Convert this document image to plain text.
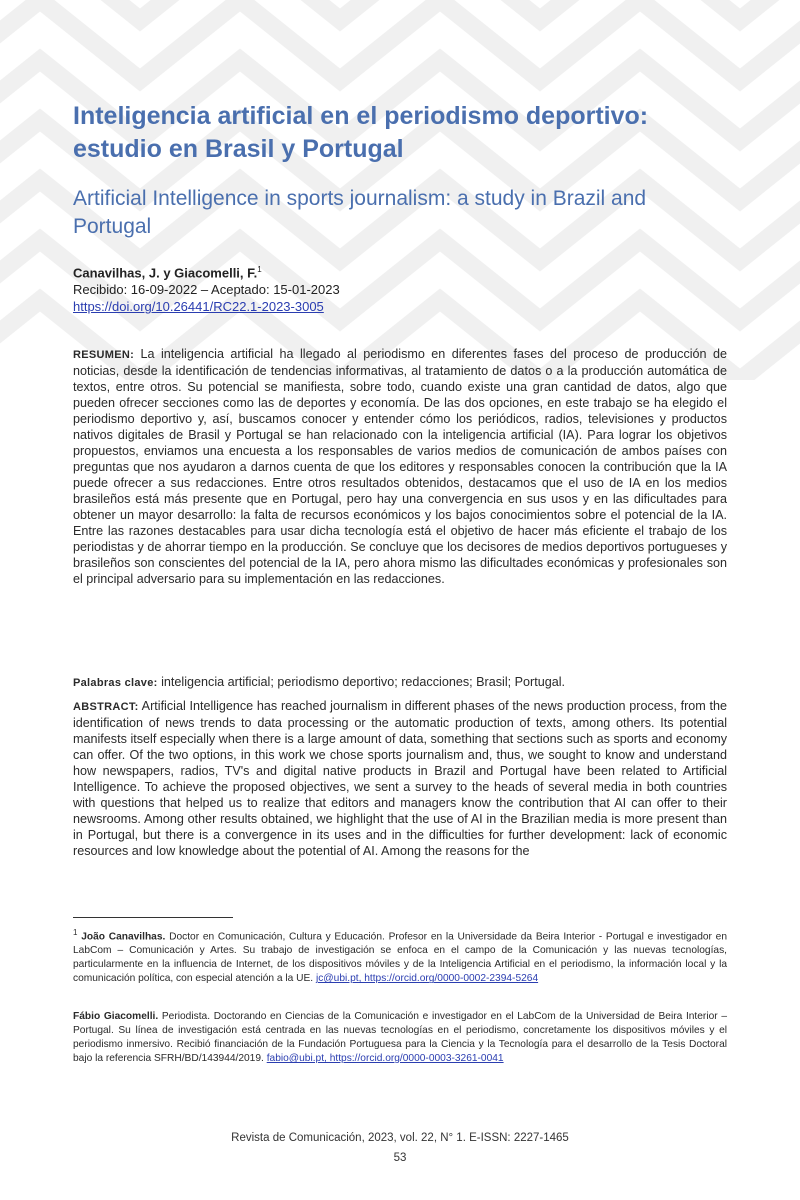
Inteligencia artificial en el periodismo deportivo: estudio en Brasil y Portugal
Artificial Intelligence in sports journalism: a study in Brazil and Portugal
Canavilhas, J. y Giacomelli, F.$^1$
Recibido: 16-09-2022 – Aceptado: 15-01-2023
https://doi.org/10.26441/RC22.1-2023-3005

RESUMEN: La inteligencia artificial ha llegado al periodismo en diferentes fases del proceso de producción de noticias, desde la identificación de tendencias informativas, al tratamiento de datos o a la producción automática de textos, entre otros. Su potencial se manifiesta, sobre todo, cuando existe una gran cantidad de datos, algo que pueden ofrecer secciones como las de deportes y economía. De las dos opciones, en este trabajo se ha elegido el periodismo deportivo y, así, buscamos conocer y entender cómo los periódicos, radios, televisiones y productos nativos digitales de Brasil y Portugal se han relacionado con la inteligencia artificial (IA). Para lograr los objetivos propuestos, enviamos una encuesta a los responsables de varios medios de comunicación de ambos países con preguntas que nos ayudaron a darnos cuenta de que los editores y responsables conocen la contribución que la IA puede ofrecer a sus redacciones. Entre otros resultados obtenidos, destacamos que el uso de IA en los medios brasileños está más presente que en Portugal, pero hay una convergencia en sus usos y en las dificultades para obtener un mayor desarrollo: la falta de recursos económicos y los bajos conocimientos sobre el potencial de la IA. Entre las razones destacables para usar dicha tecnología está el objetivo de hacer más eficiente el trabajo de los periodistas y de ahorrar tiempo en la producción. Se concluye que los decisores de medios deportivos portugueses y brasileños son conscientes del potencial de la IA, pero ahora mismo las dificultades económicas y profesionales son el principal adversario para su implementación en las redacciones.

Palabras clave: inteligencia artificial; periodismo deportivo; redacciones; Brasil; Portugal.

ABSTRACT: Artificial Intelligence has reached journalism in different phases of the news production process, from the identification of news trends to data processing or the automatic production of texts, among others. Its potential manifests itself especially when there is a large amount of data, something that sections such as sports and economy can offer. Of the two options, in this work we chose sports journalism and, thus, we sought to know and understand how newspapers, radios, TV's and digital native products in Brazil and Portugal have been related to Artificial Intelligence. To achieve the proposed objectives, we sent a survey to the heads of several media in both countries with questions that helped us to realize that editors and managers know the contribution that AI can offer to their newsrooms. Among other results obtained, we highlight that the use of AI in the Brazilian media is more present than in Portugal, but there is a convergence in its uses and in the difficulties for further development: lack of economic resources and low knowledge about the potential of AI. Among the reasons for the

$^1$ João Canavilhas. Doctor en Comunicación, Cultura y Educación. Profesor en la Universidade da Beira Interior - Portugal e investigador en LabCom – Comunicación y Artes. Su trabajo de investigación se enfoca en el campo de la Comunicación y las nuevas tecnologías, particularmente en la influencia de Internet, de los dispositivos móviles y de la Inteligencia Artificial en el periodismo, la información local y la comunicación política, con especial atención a la UE. jc@ubi.pt, https://orcid.org/0000-0002-2394-5264

Fábio Giacomelli. Periodista. Doctorando en Ciencias de la Comunicación e investigador en el LabCom de la Universidad de Beira Interior – Portugal. Su línea de investigación está centrada en las nuevas tecnologías en el periodismo, concretamente los dispositivos móviles y el periodismo inmersivo. Recibió financiación de la Fundación Portuguesa para la Ciencia y la Tecnología para el desarrollo de la Tesis Doctoral bajo la referencia SFRH/BD/143944/2019. fabio@ubi.pt, https://orcid.org/0000-0003-3261-0041

Revista de Comunicación, 2023, vol. 22, N° 1. E-ISSN: 2227-1465
53
